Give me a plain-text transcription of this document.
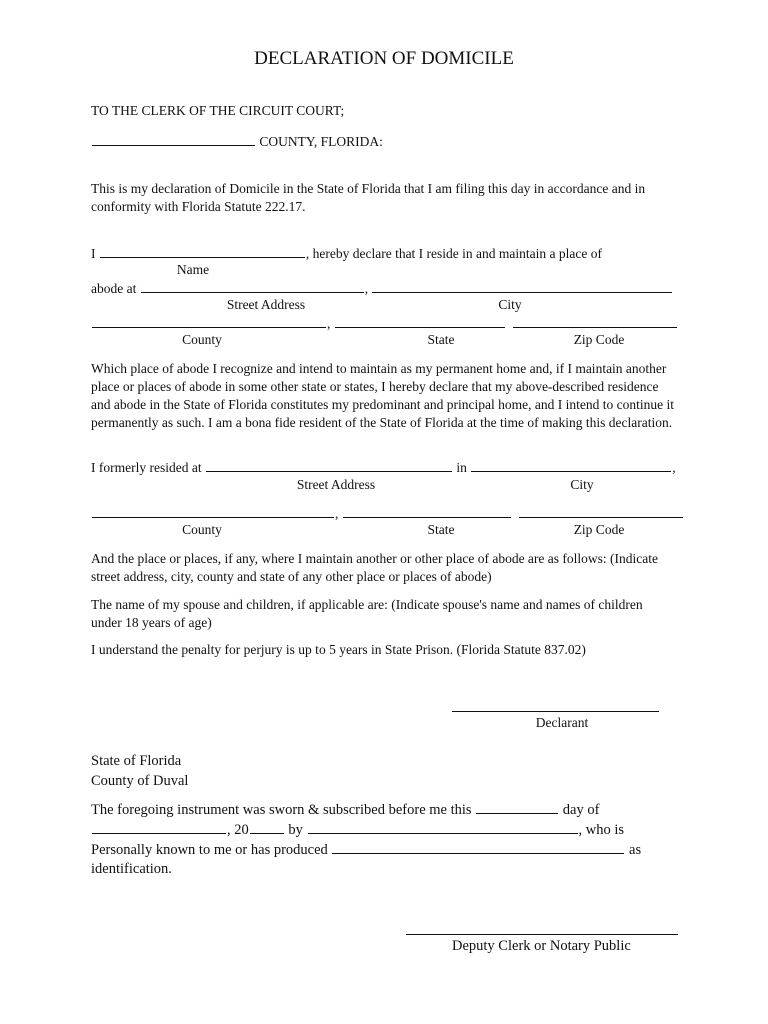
DECLARATION OF DOMICILE
TO THE CLERK OF THE CIRCUIT COURT;
COUNTY, FLORIDA:
This is my declaration of Domicile in the State of Florida that I am filing this day in accordance and in conformity with Florida Statute 222.17.
I	, hereby declare that I reside in and maintain a place of
Name
abode at	,
Street Address	City
,
County	State	Zip Code
Which place of abode I recognize and intend to maintain as my permanent home and, if I maintain another place or places of abode in some other state or states, I hereby declare that my above-described residence and abode in the State of Florida constitutes my predominant and principal home, and I intend to continue it permanently as such. I am a bona fide resident of the State of Florida at the time of making this declaration.
I formerly resided at	in	,
Street Address	City
,
County	State	Zip Code
And the place or places, if any, where I maintain another or other place of abode are as follows: (Indicate street address, city, county and state of any other place or places of abode)
The name of my spouse and children, if applicable are: (Indicate spouse's name and names of children under 18 years of age)
I understand the penalty for perjury is up to 5 years in State Prison. (Florida Statute 837.02)
Declarant
State of Florida
County of Duval
The foregoing instrument was sworn & subscribed before me this	day of
, 20	by	, who is
Personally known to me or has produced	as
identification.
Deputy Clerk or Notary Public
